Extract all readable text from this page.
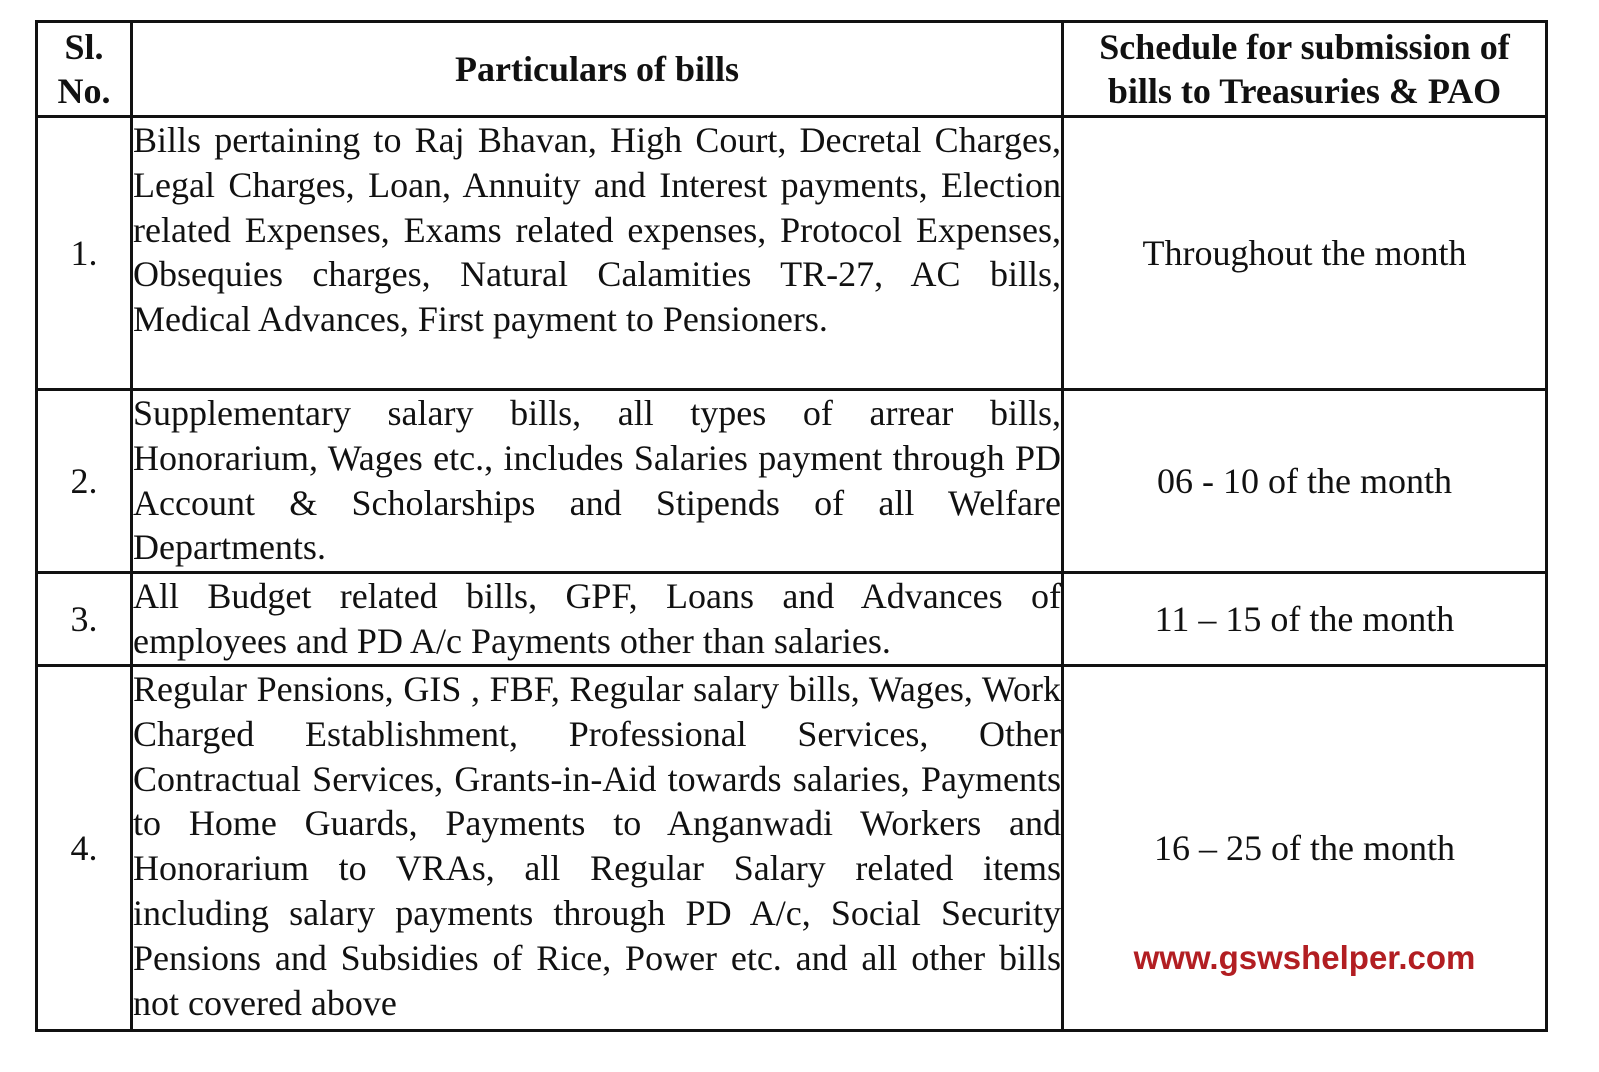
Sl. No.	Particulars of bills	Schedule for submission of bills to Treasuries & PAO
1.	Bills pertaining to Raj Bhavan, High Court, Decretal Charges, Legal Charges, Loan, Annuity and Interest payments, Election related Expenses, Exams related expenses, Protocol Expenses, Obsequies charges, Natural Calamities TR-27, AC bills, Medical Advances, First payment to Pensioners.	Throughout the month
2.	Supplementary salary bills, all types of arrear bills, Honorarium, Wages etc., includes Salaries payment through PD Account & Scholarships and Stipends of all Welfare Departments.	06 - 10 of the month
3.	All Budget related bills, GPF, Loans and Advances of employees and PD A/c Payments other than salaries.	11 – 15 of the month
4.	Regular Pensions, GIS , FBF, Regular salary bills, Wages, Work Charged Establishment, Professional Services, Other Contractual Services, Grants-in-Aid towards salaries, Payments to Home Guards, Payments to Anganwadi Workers and Honorarium to VRAs, all Regular Salary related items including salary payments through PD A/c, Social Security Pensions and Subsidies of Rice, Power etc. and all other bills not covered above	16 – 25 of the month
www.gswshelper.com
